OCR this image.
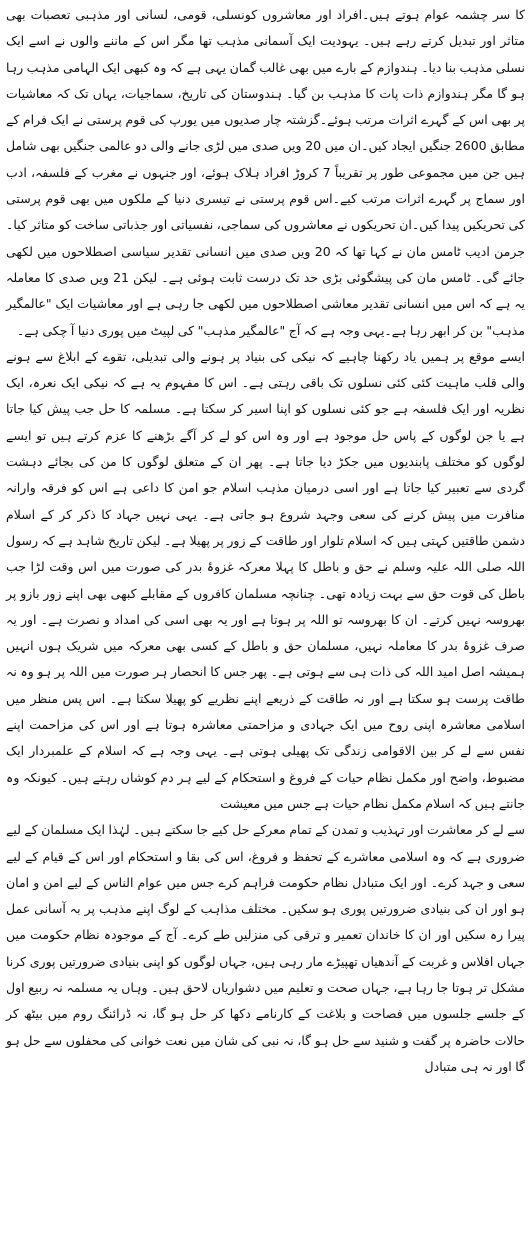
کا سر چشمہ عوام ہوتے ہیں۔افراد اور معاشروں کونسلی، قومی، لسانی اور مذہبی تعصبات بھی متاثر اور تبدیل کرتے رہے ہیں۔ یہودیت ایک آسمانی مذہب تھا مگر اس کے ماننے والوں نے اسے ایک نسلی مذہب بنا دیا۔ ہندوازم کے بارے میں بھی غالب گمان یہی ہے کہ وہ کبھی ایک الہامی مذہب رہا ہو گا مگر ہندوازم ذات پات کا مذہب بن گیا۔ ہندوستان کی تاریخ، سماجیات، یہاں تک کہ معاشیات پر بھی اس کے گہرے اثرات مرتب ہوئے۔گزشتہ چار صدیوں میں یورپ کی قوم پرستی نے ایک فرام کے مطابق 2600 جنگیں ایجاد کیں۔ان میں 20 ویں صدی میں لڑی جانے والی دو عالمی جنگیں بھی شامل ہیں جن میں مجموعی طور پر تقریباً 7 کروڑ افراد ہلاک ہوئے، اور جنہوں نے مغرب کے فلسفہ، ادب اور سماج پر گہرے اثرات مرتب کیے۔اس قوم پرستی نے تیسری دنیا کے ملکوں میں بھی قوم پرستی کی تحریکیں پیدا کیں۔ان تحریکوں نے معاشروں کی سماجی، نفسیاتی اور جذباتی ساخت کو متاثر کیا۔جرمن ادیب ٹامس مان نے کہا تھا کہ 20 ویں صدی میں انسانی تقدیر سیاسی اصطلاحوں میں لکھی جائے گی۔ ٹامس مان کی پیشگوئی بڑی حد تک درست ثابت ہوئی ہے۔ لیکن 21 ویں صدی کا معاملہ یہ ہے کہ اس میں انسانی تقدیر معاشی اصطلاحوں میں لکھی جا رہی ہے اور معاشیات ایک "عالمگیر مذہب" بن کر ابھر رہا ہے۔یہی وجہ ہے کہ آج "عالمگیر مذہب" کی لپیٹ میں پوری دنیا آ چکی ہے۔

ایسے موقع پر ہمیں یاد رکھنا چاہیے کہ نیکی کی بنیاد پر ہونے والی تبدیلی، تقوے کے ابلاغ سے ہونے والی قلب ماہیت کئی کئی نسلوں تک باقی رہتی ہے۔ اس کا مفہوم یہ ہے کہ نیکی ایک نعرہ، ایک نظریہ اور ایک فلسفہ ہے جو کئی نسلوں کو اپنا اسیر کر سکتا ہے۔ مسلمہ کا حل جب پیش کیا جاتا ہے یا جن لوگوں کے پاس حل موجود ہے اور وہ اس کو لے کر آگے بڑھنے کا عزم کرتے ہیں تو ایسے لوگوں کو مختلف پابندیوں میں جکڑ دیا جاتا ہے۔ پھر ان کے متعلق لوگوں کا من کی بجائے دہشت گردی سے تعبیر کیا جاتا ہے اور اسی درمیان مذہب اسلام جو امن کا داعی ہے اس کو فرقہ وارانہ منافرت میں پیش کرنے کی سعی وجہد شروع ہو جاتی ہے۔ یہی نہیں جہاد کا ذکر کر کے اسلام دشمن طاقتیں کہتی ہیں کہ اسلام تلوار اور طاقت کے زور پر پھیلا ہے۔ لیکن تاریخ شاہد ہے کہ رسول اللہ صلی اللہ علیہ وسلم نے حق و باطل کا پہلا معرکہ غزوۂ بدر کی صورت میں اس وقت لڑا جب باطل کی قوت حق سے بہت زیادہ تھی۔ چنانچہ مسلمان کافروں کے مقابلے کبھی بھی اپنے زور بازو پر بھروسہ نہیں کرتے۔ ان کا بھروسہ تو اللہ پر ہوتا ہے اور یہ بھی اسی کی امداد و نصرت ہے۔ اور یہ صرف غزوۂ بدر کا معاملہ نہیں، مسلمان حق و باطل کے کسی بھی معرکہ میں شریک ہوں انہیں ہمیشہ اصل امید اللہ کی ذات ہی سے ہوتی ہے۔ پھر جس کا انحصار ہر صورت میں اللہ پر ہو وہ نہ طاقت پرست ہو سکتا ہے اور نہ طاقت کے ذریعے اپنے نظریے کو پھیلا سکتا ہے۔ اس پس منظر میں اسلامی معاشرہ اپنی روح میں ایک جہادی و مزاحمتی معاشرہ ہوتا ہے اور اس کی مزاحمت اپنے نفس سے لے کر بین الاقوامی زندگی تک پھیلی ہوتی ہے۔ یہی وجہ ہے کہ اسلام کے علمبردار ایک مضبوط، واضح اور مکمل نظام حیات کے فروغ و استحکام کے لیے ہر دم کوشاں رہتے ہیں۔ کیونکہ وہ جانتے ہیں کہ اسلام مکمل نظام حیات ہے جس میں معیشت

سے لے کر معاشرت اور تہذیب و تمدن کے تمام معرکے حل کیے جا سکتے ہیں۔ لہٰذا ایک مسلمان کے لیے ضروری ہے کہ وہ اسلامی معاشرے کے تحفظ و فروغ، اس کی بقا و استحکام اور اس کے قیام کے لیے سعی و جہد کرے۔ اور ایک متبادل نظام حکومت فراہم کرے جس میں عوام الناس کے لیے امن و امان ہو اور ان کی بنیادی ضرورتیں پوری ہو سکیں۔ مختلف مذاہب کے لوگ اپنے مذہب پر بہ آسانی عمل پیرا رہ سکیں اور ان کا خاندان تعمیر و ترقی کی منزلیں طے کرے۔ آج کے موجودہ نظام حکومت میں جہاں افلاس و غربت کے آندھیاں تھپیڑے مار رہی ہیں، جہاں لوگوں کو اپنی بنیادی ضرورتیں پوری کرنا مشکل تر ہوتا جا رہا ہے، جہاں صحت و تعلیم میں دشواریاں لاحق ہیں۔ وہاں یہ مسلمہ نہ ربیع اول کے جلسے جلسوں میں فصاحت و بلاغت کے کارنامے دکھا کر حل ہو گا، نہ ڈرائنگ روم میں بیٹھ کر حالات حاضرہ پر گفت و شنید سے حل ہو گا، نہ نبی کی شان میں نعت خوانی کی محفلوں سے حل ہو گا اور نہ ہی متبادل
